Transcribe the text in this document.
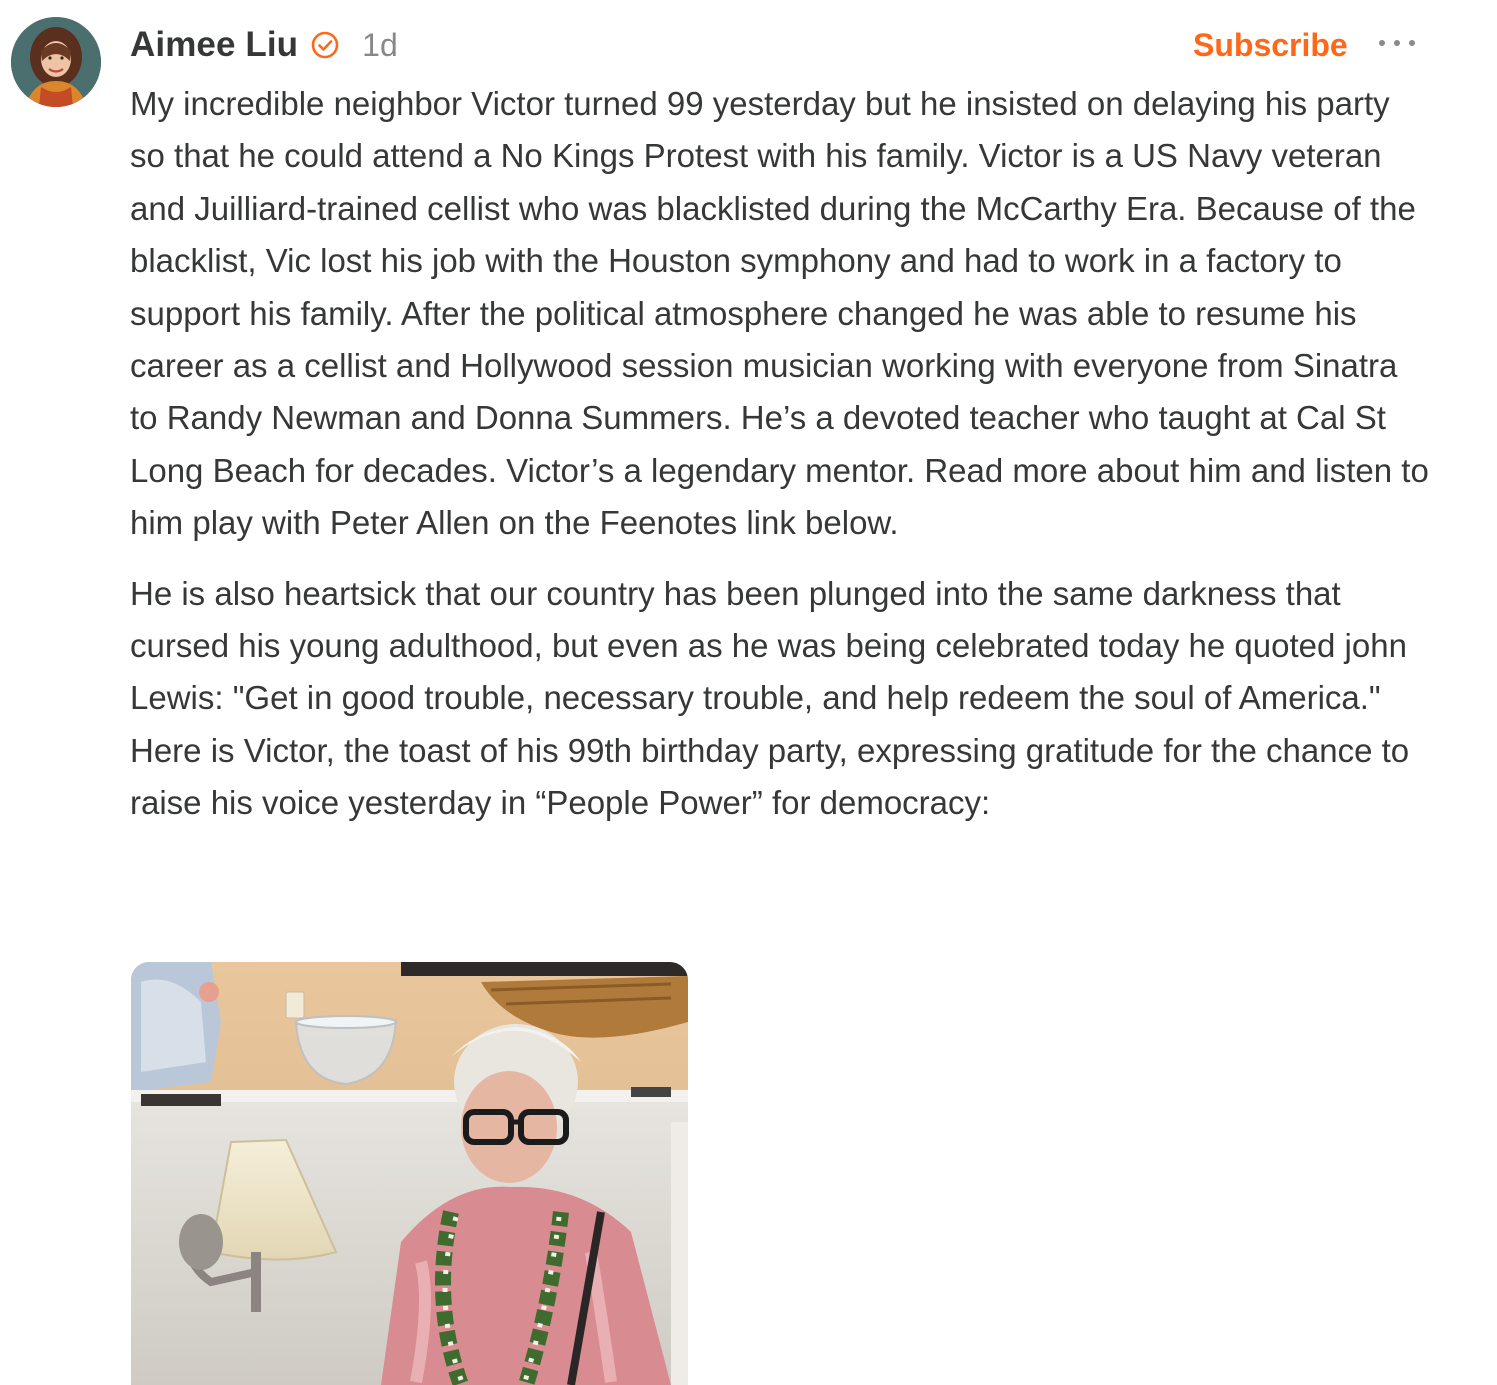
Aimee Liu 1d	Subscribe

My incredible neighbor Victor turned 99 yesterday but he insisted on delaying his party so that he could attend a No Kings Protest with his family. Victor is a US Navy veteran and Juilliard-trained cellist who was blacklisted during the McCarthy Era. Because of the blacklist, Vic lost his job with the Houston symphony and had to work in a factory to support his family. After the political atmosphere changed he was able to resume his career as a cellist and Hollywood session musician working with everyone from Sinatra to Randy Newman and Donna Summers. He’s a devoted teacher who taught at Cal St Long Beach for decades. Victor’s a legendary mentor. Read more about him and listen to him play with Peter Allen on the Feenotes link below.

He is also heartsick that our country has been plunged into the same darkness that cursed his young adulthood, but even as he was being celebrated today he quoted john Lewis: "Get in good trouble, necessary trouble, and help redeem the soul of America." Here is Victor, the toast of his 99th birthday party, expressing gratitude for the chance to raise his voice yesterday in “People Power” for democracy:
